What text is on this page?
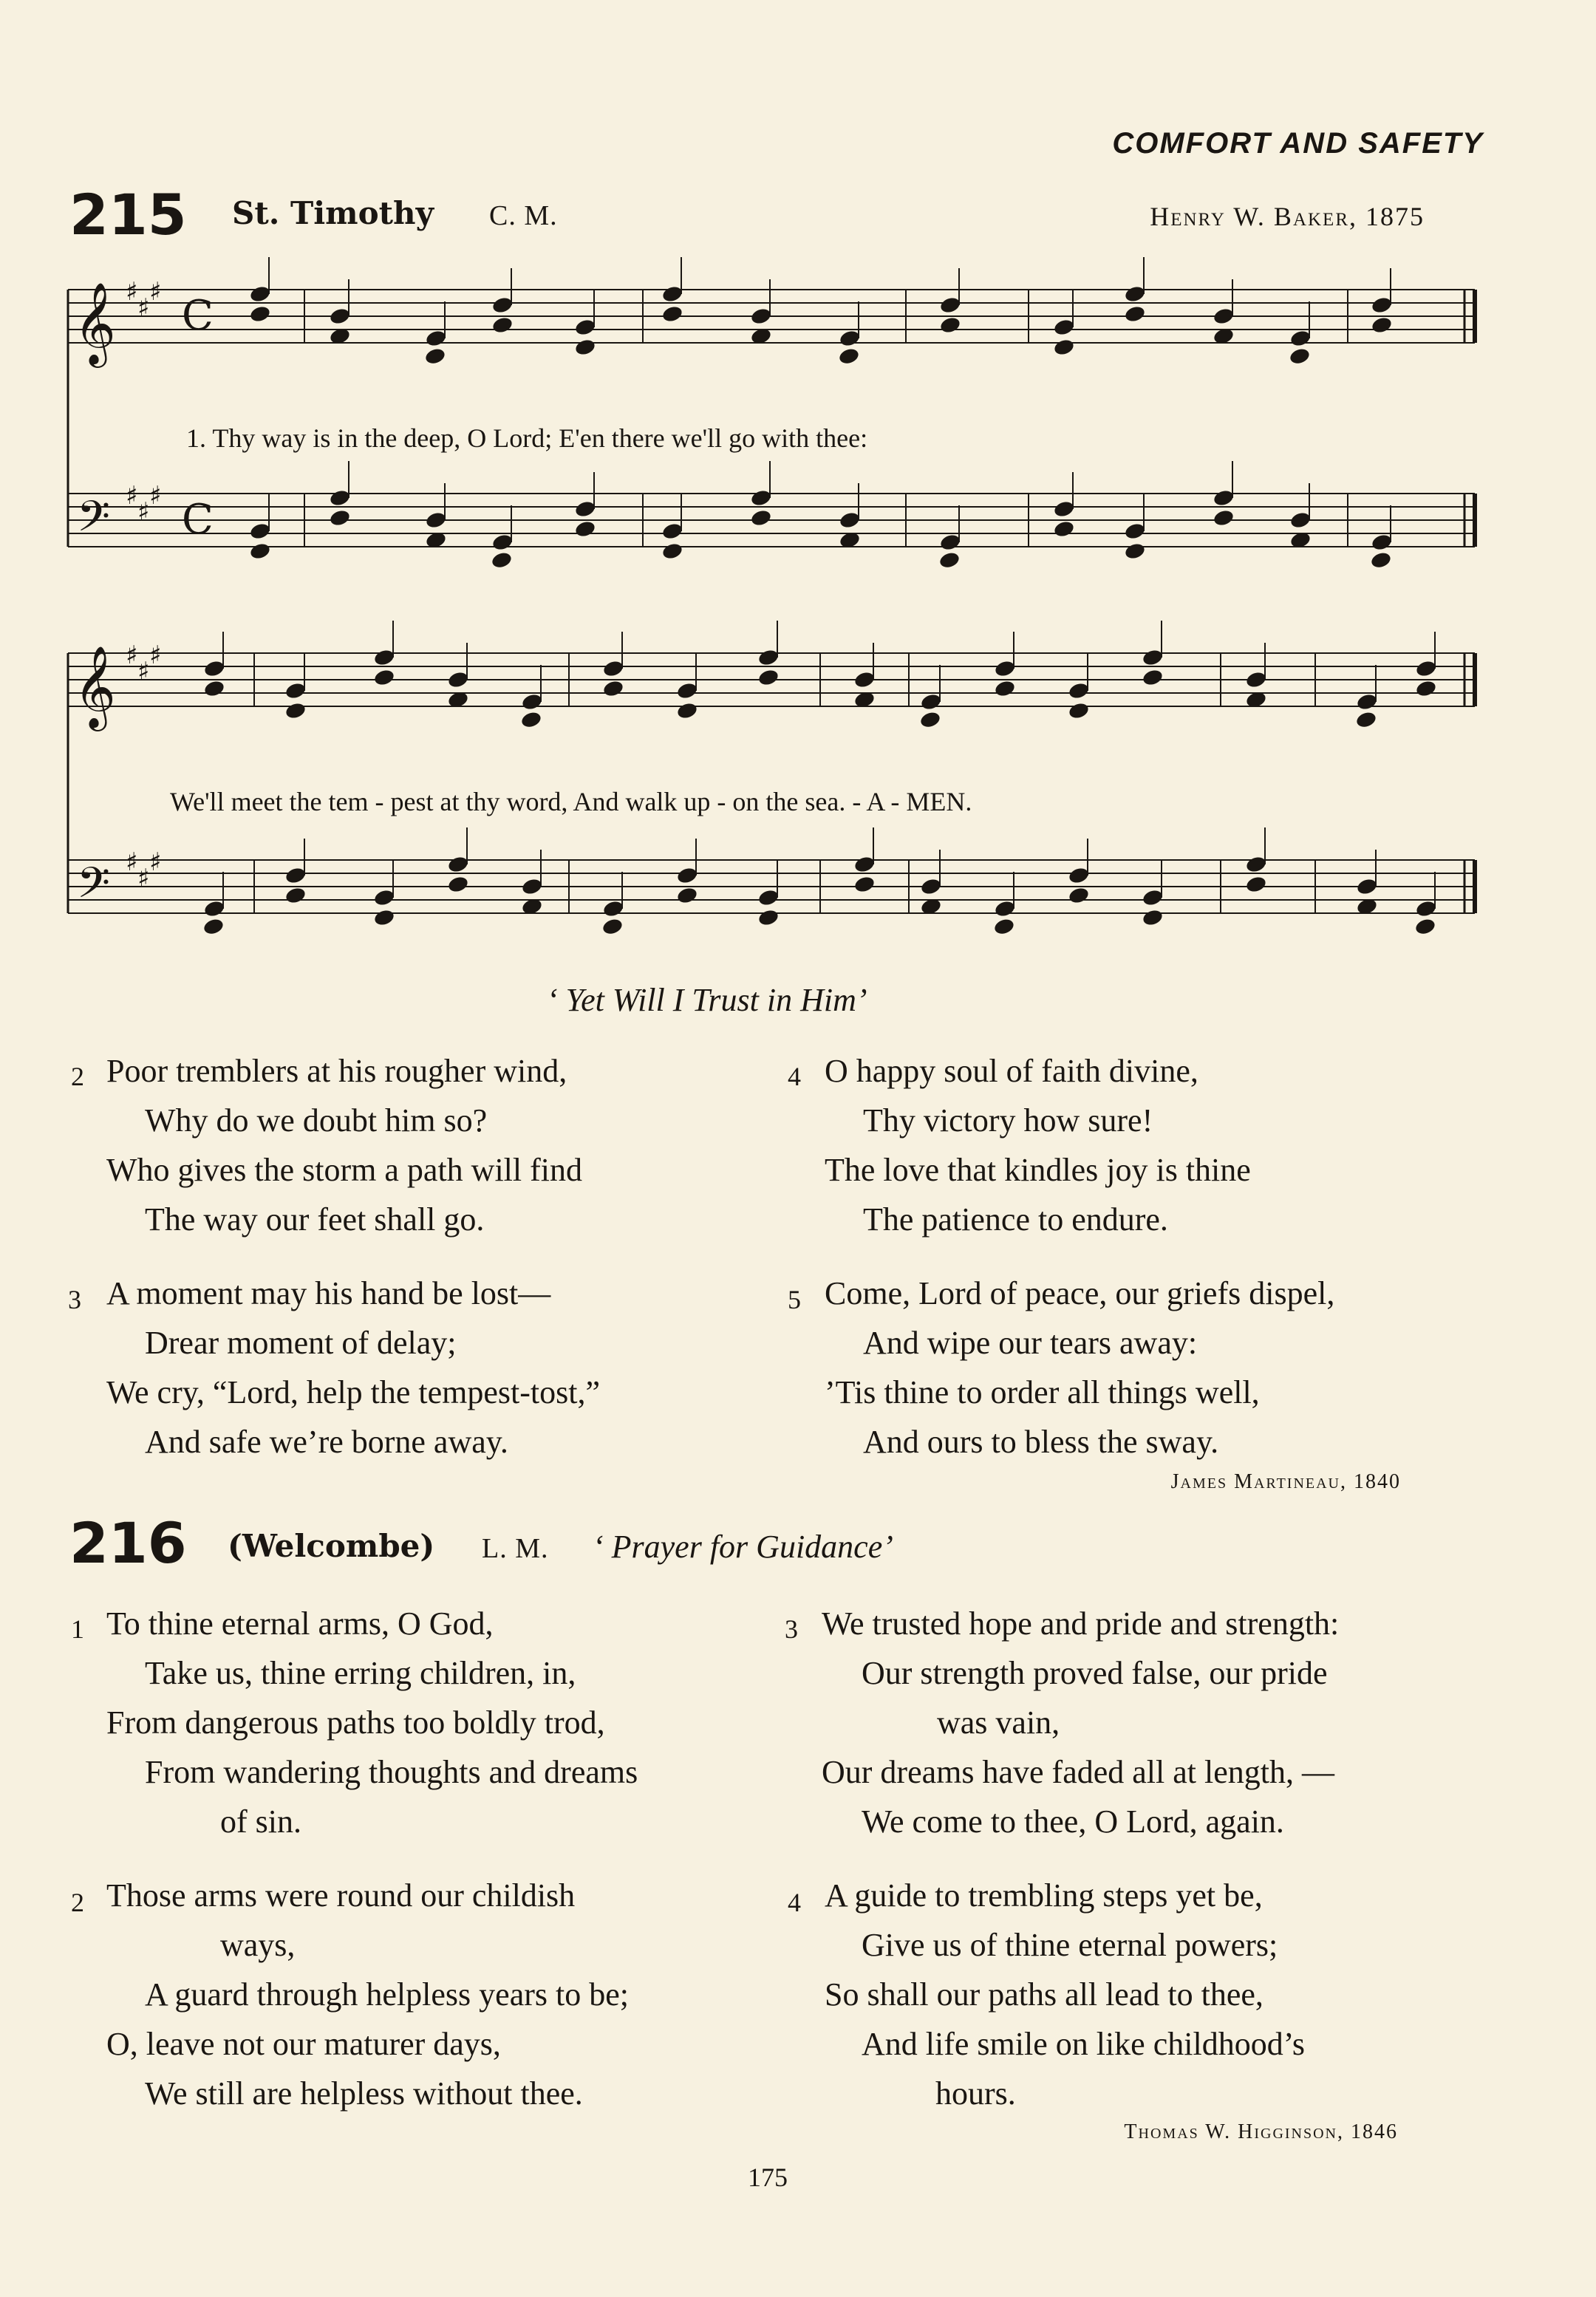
COMFORT AND SAFETY
215 St. Timothy C. M.	Henry W. Baker, 1875
𝄞
𝄢
𝄞
𝄢
♯
♯
♯
♯
♯
♯
♯
♯
♯
♯
♯
♯
C
C
1. Thy way is in the deep, O Lord; E'en there we'll go with thee:
We'll meet the tem - pest at thy word, And walk up - on the sea. - A - MEN.
‘ Yet Will I Trust in Him’
2 Poor tremblers at his rougher wind,
Why do we doubt him so?
Who gives the storm a path will find
The way our feet shall go.
3 A moment may his hand be lost—
Drear moment of delay;
We cry, “Lord, help the tempest-tost,”
And safe we’re borne away.
4 O happy soul of faith divine,
Thy victory how sure!
The love that kindles joy is thine
The patience to endure.
5 Come, Lord of peace, our griefs dispel,
And wipe our tears away:
’Tis thine to order all things well,
And ours to bless the sway.
James Martineau, 1840
216 (Welcombe) L. M. ‘ Prayer for Guidance’
1 To thine eternal arms, O God,
Take us, thine erring children, in,
From dangerous paths too boldly trod,
From wandering thoughts and dreams
of sin.
2 Those arms were round our childish
ways,
A guard through helpless years to be;
O, leave not our maturer days,
We still are helpless without thee.
3 We trusted hope and pride and strength:
Our strength proved false, our pride
was vain,
Our dreams have faded all at length, —
We come to thee, O Lord, again.
4 A guide to trembling steps yet be,
Give us of thine eternal powers;
So shall our paths all lead to thee,
And life smile on like childhood’s
hours.
Thomas W. Higginson, 1846
175
